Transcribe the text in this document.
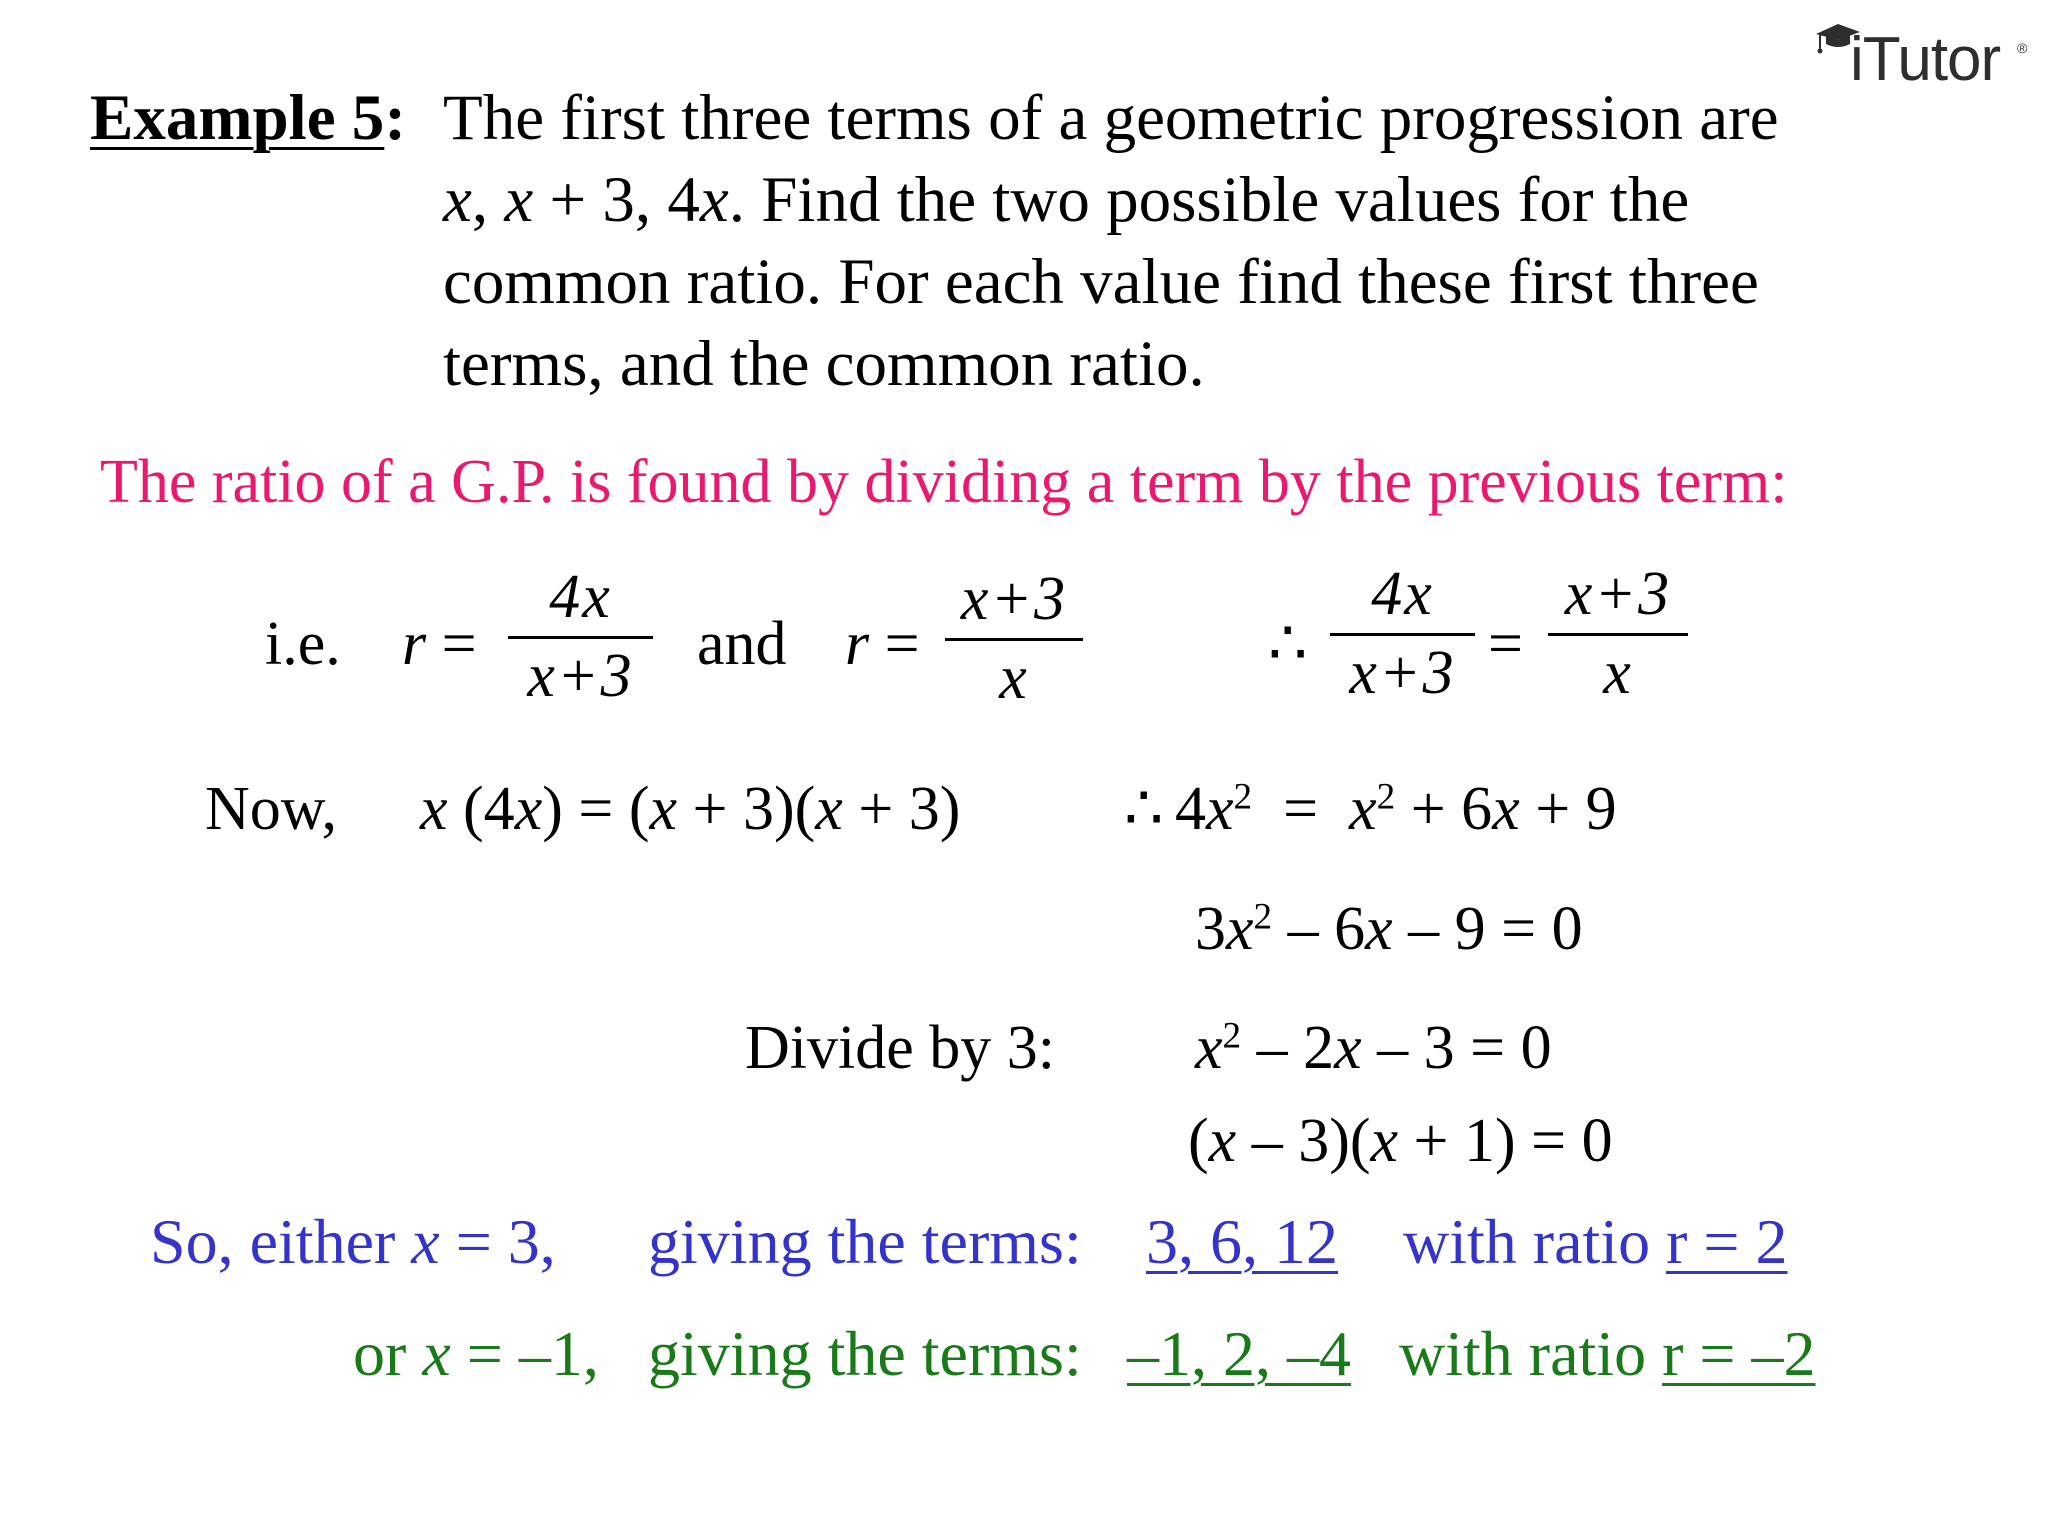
iTutor ®
Example 5: The first three terms of a geometric progression are
x, x + 3, 4x. Find the two possible values for the
common ratio. For each value find these first three
terms, and the common ratio.
The ratio of a G.P. is found by dividing a term by the previous term:
i.e. r =
4x
x+3 and r =
x+3
x	∴
4x
x+3 =
x+3
x
Now, x (4x) = (x + 3)(x + 3)	∴ $4x^2 = x^2 + 6x + 9$
$3x^2 - 6x - 9 = 0$
Divide by 3: $x^2 - 2x - 3 = 0$
(x – 3)(x + 1) = 0
So, either x = 3, giving the terms: 3, 6, 12 with ratio r = 2
or x = –1, giving the terms: –1, 2, –4 with ratio r = –2
